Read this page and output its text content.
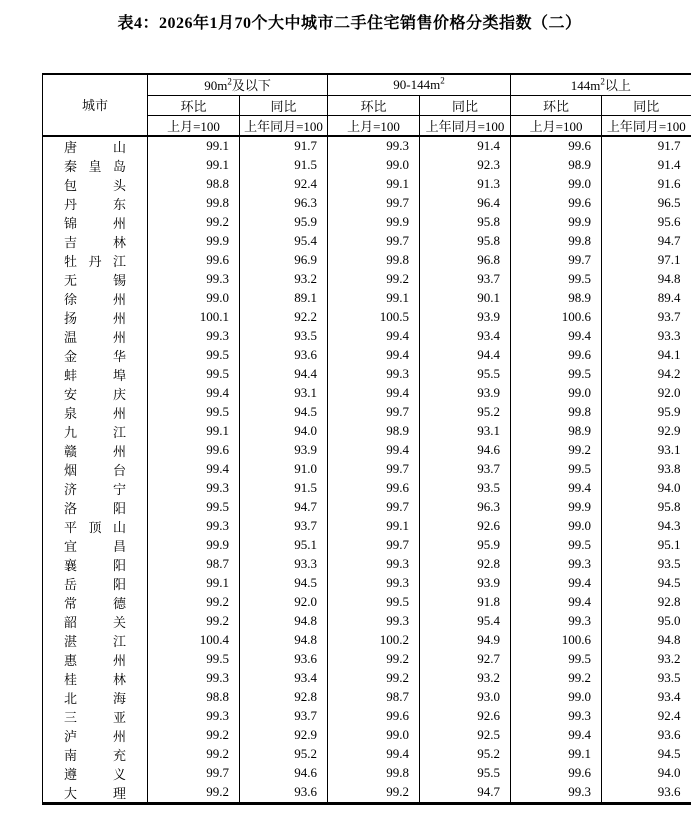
表4：2026年1月70个大中城市二手住宅销售价格分类指数（二）
城市	$90m^2$及以下		$90-144m^2$		$144m^2$以上	
	环比	同比	环比	同比	环比	同比
	上月=100	上年同月=100	上月=100	上年同月=100	上月=100	上年同月=100

唐 山	99.1	91.7	99.3	91.4	99.6	91.7

秦 皇 岛	99.1	91.5	99.0	92.3	98.9	91.4

包 头	98.8	92.4	99.1	91.3	99.0	91.6

丹 东	99.8	96.3	99.7	96.4	99.6	96.5

锦 州	99.2	95.9	99.9	95.8	99.9	95.6

吉 林	99.9	95.4	99.7	95.8	99.8	94.7

牡 丹 江	99.6	96.9	99.8	96.8	99.7	97.1

无 锡	99.3	93.2	99.2	93.7	99.5	94.8

徐 州	99.0	89.1	99.1	90.1	98.9	89.4

扬 州	100.1	92.2	100.5	93.9	100.6	93.7

温 州	99.3	93.5	99.4	93.4	99.4	93.3

金 华	99.5	93.6	99.4	94.4	99.6	94.1

蚌 埠	99.5	94.4	99.3	95.5	99.5	94.2

安 庆	99.4	93.1	99.4	93.9	99.0	92.0

泉 州	99.5	94.5	99.7	95.2	99.8	95.9

九 江	99.1	94.0	98.9	93.1	98.9	92.9

赣 州	99.6	93.9	99.4	94.6	99.2	93.1

烟 台	99.4	91.0	99.7	93.7	99.5	93.8

济 宁	99.3	91.5	99.6	93.5	99.4	94.0

洛 阳	99.5	94.7	99.7	96.3	99.9	95.8

平 顶 山	99.3	93.7	99.1	92.6	99.0	94.3

宜 昌	99.9	95.1	99.7	95.9	99.5	95.1

襄 阳	98.7	93.3	99.3	92.8	99.3	93.5

岳 阳	99.1	94.5	99.3	93.9	99.4	94.5

常 德	99.2	92.0	99.5	91.8	99.4	92.8

韶 关	99.2	94.8	99.3	95.4	99.3	95.0

湛 江	100.4	94.8	100.2	94.9	100.6	94.8

惠 州	99.5	93.6	99.2	92.7	99.5	93.2

桂 林	99.3	93.4	99.2	93.2	99.2	93.5

北 海	98.8	92.8	98.7	93.0	99.0	93.4

三 亚	99.3	93.7	99.6	92.6	99.3	92.4

泸 州	99.2	92.9	99.0	92.5	99.4	93.6

南 充	99.2	95.2	99.4	95.2	99.1	94.5

遵 义	99.7	94.6	99.8	95.5	99.6	94.0

大 理	99.2	93.6	99.2	94.7	99.3	93.6
